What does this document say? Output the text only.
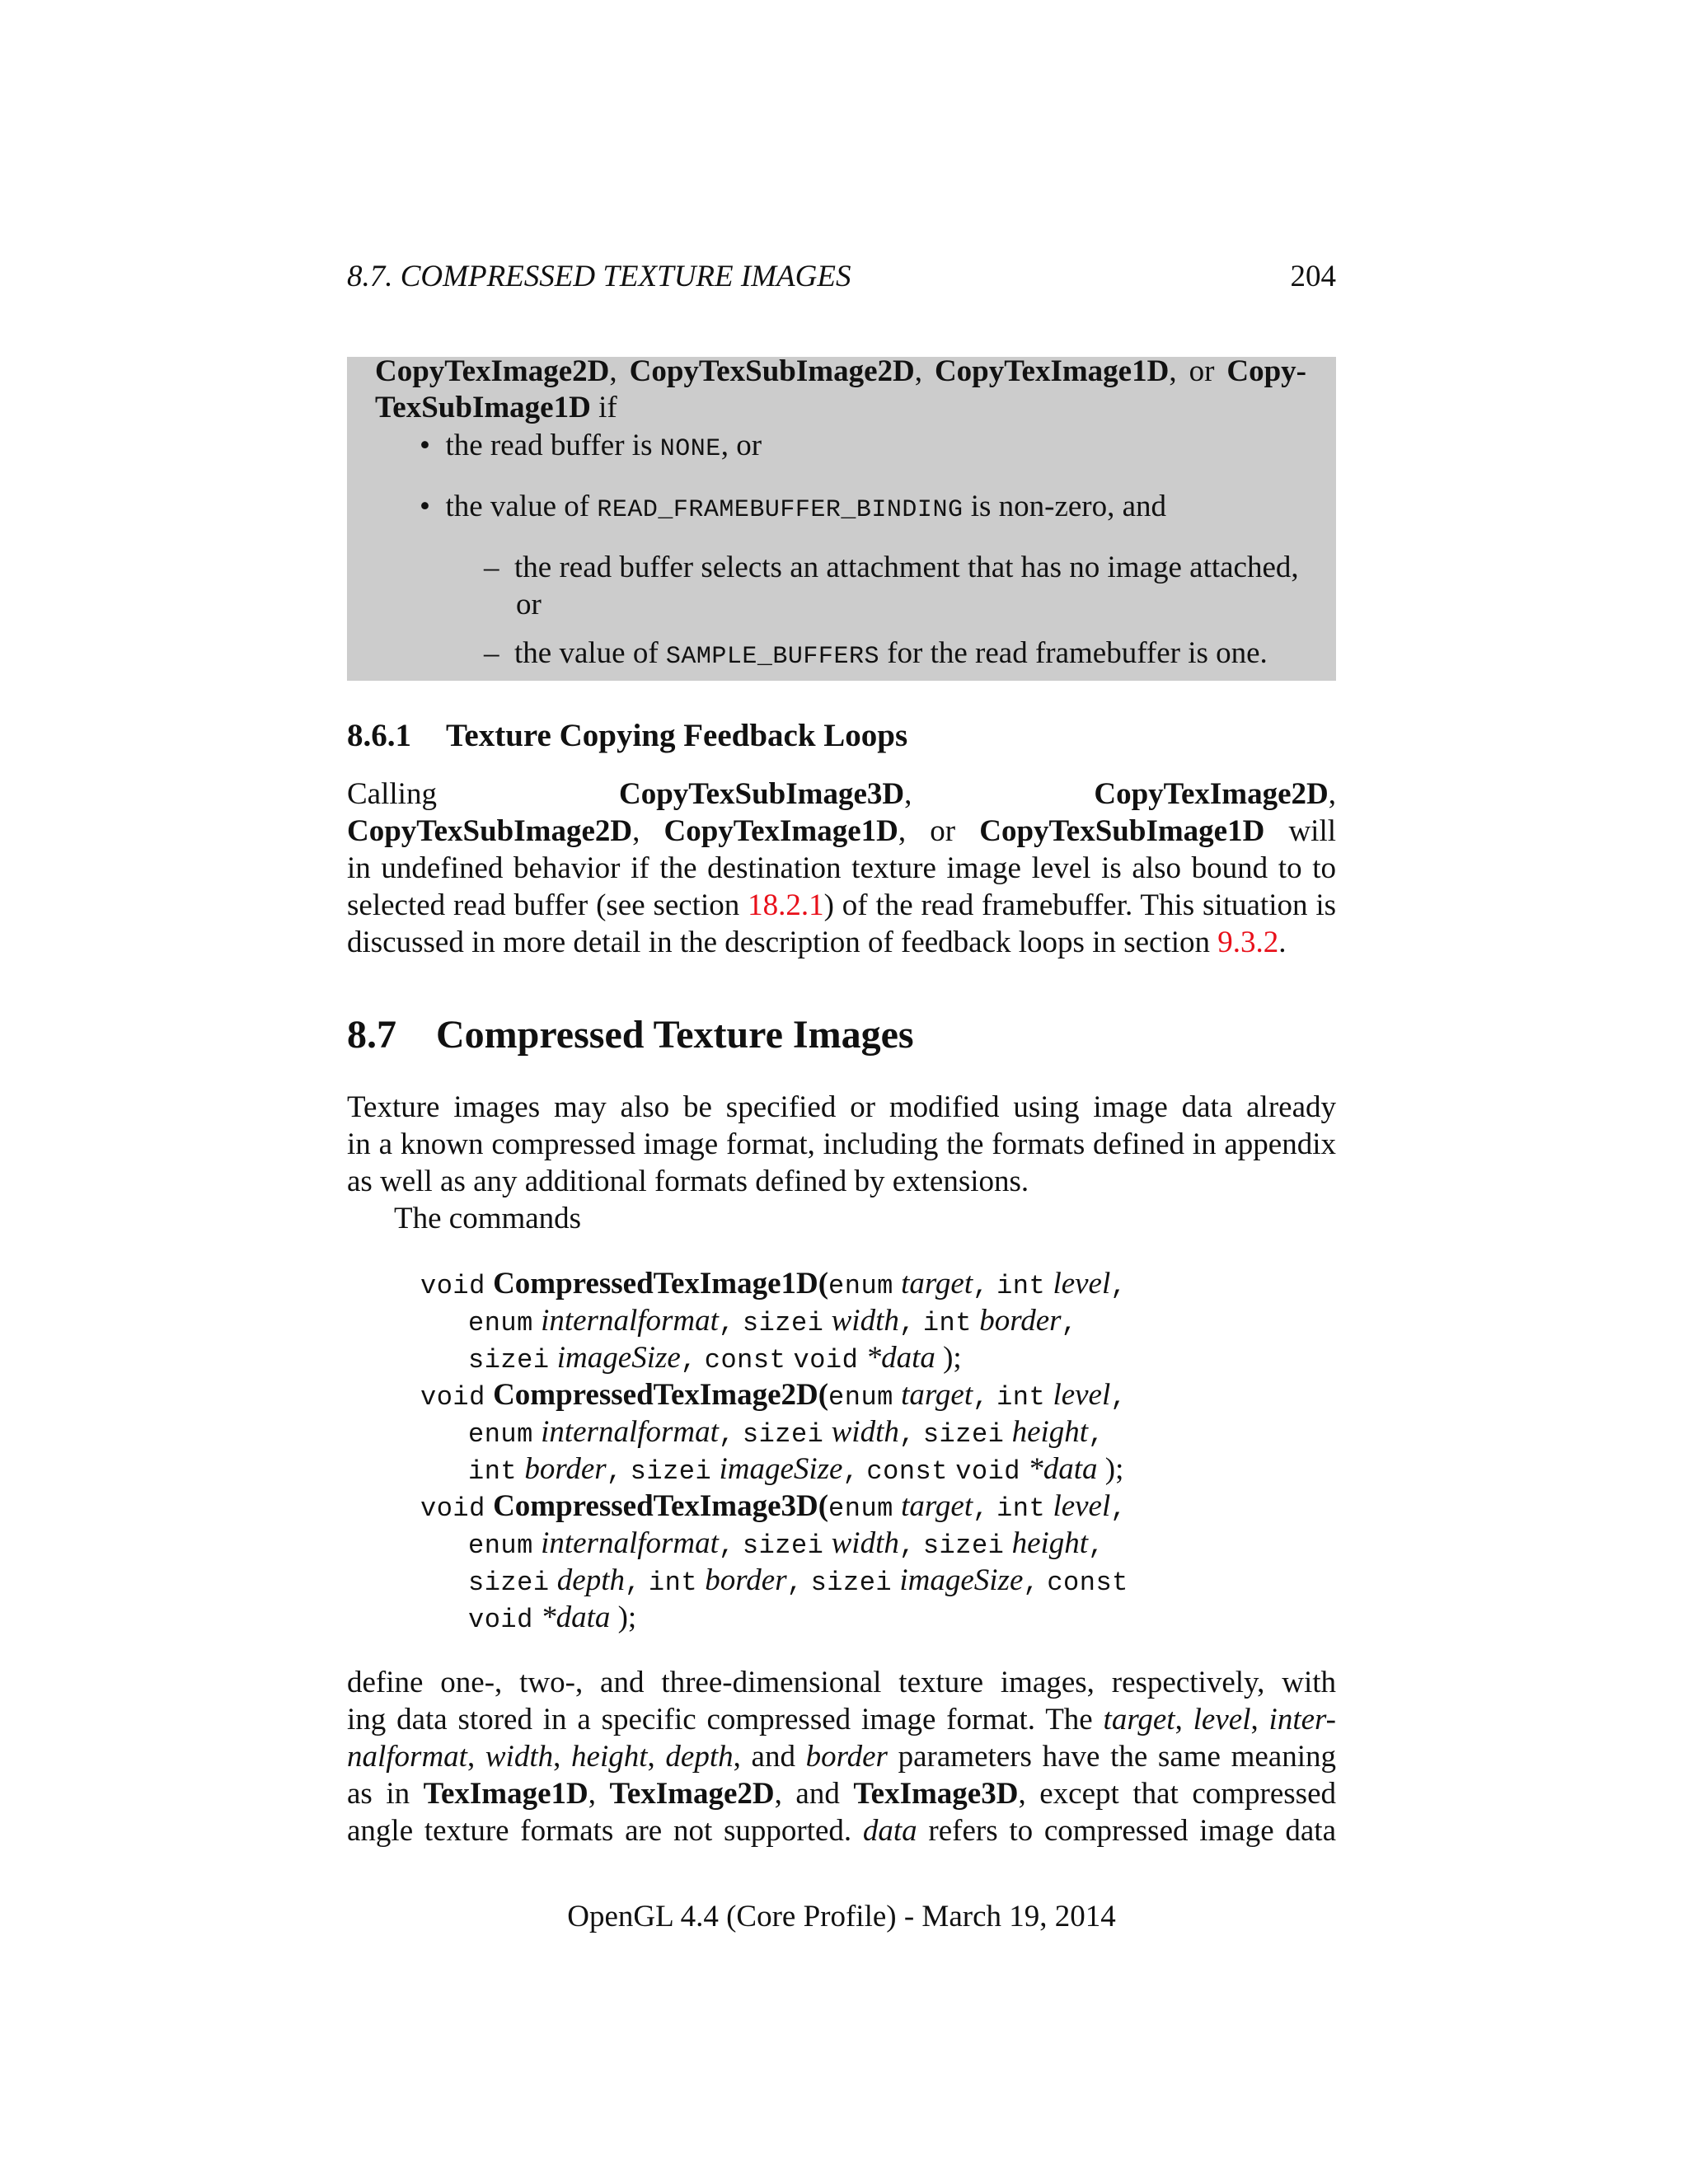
8.7. COMPRESSED TEXTURE IMAGES	204
CopyTexImage2D, CopyTexSubImage2D, CopyTexImage1D, or Copy-
TexSubImage1D if
• the read buffer is NONE, or
• the value of READ_FRAMEBUFFER_BINDING is non-zero, and
– the read buffer selects an attachment that has no image attached,
or
– the value of SAMPLE_BUFFERS for the read framebuffer is one.
8.6.1 Texture Copying Feedback Loops
Calling	CopyTexSubImage3D,	CopyTexImage2D,
CopyTexSubImage2D, CopyTexImage1D, or CopyTexSubImage1D will
in undefined behavior if the destination texture image level is also bound to to
selected read buffer (see section 18.2.1) of the read framebuffer. This situation is
discussed in more detail in the description of feedback loops in section 9.3.2.
8.7 Compressed Texture Images
Texture images may also be specified or modified using image data already
in a known compressed image format, including the formats defined in appendix
as well as any additional formats defined by extensions.
The commands
void CompressedTexImage1D(enum target, int level,
enum internalformat, sizei width, int border,
sizei imageSize, const void *data );
void CompressedTexImage2D(enum target, int level,
enum internalformat, sizei width, sizei height,
int border, sizei imageSize, const void *data );
void CompressedTexImage3D(enum target, int level,
enum internalformat, sizei width, sizei height,
sizei depth, int border, sizei imageSize, const
void *data );
define one-, two-, and three-dimensional texture images, respectively, with
ing data stored in a specific compressed image format. The target, level, inter-
nalformat, width, height, depth, and border parameters have the same meaning
as in TexImage1D, TexImage2D, and TexImage3D, except that compressed
angle texture formats are not supported. data refers to compressed image data
OpenGL 4.4 (Core Profile) - March 19, 2014
